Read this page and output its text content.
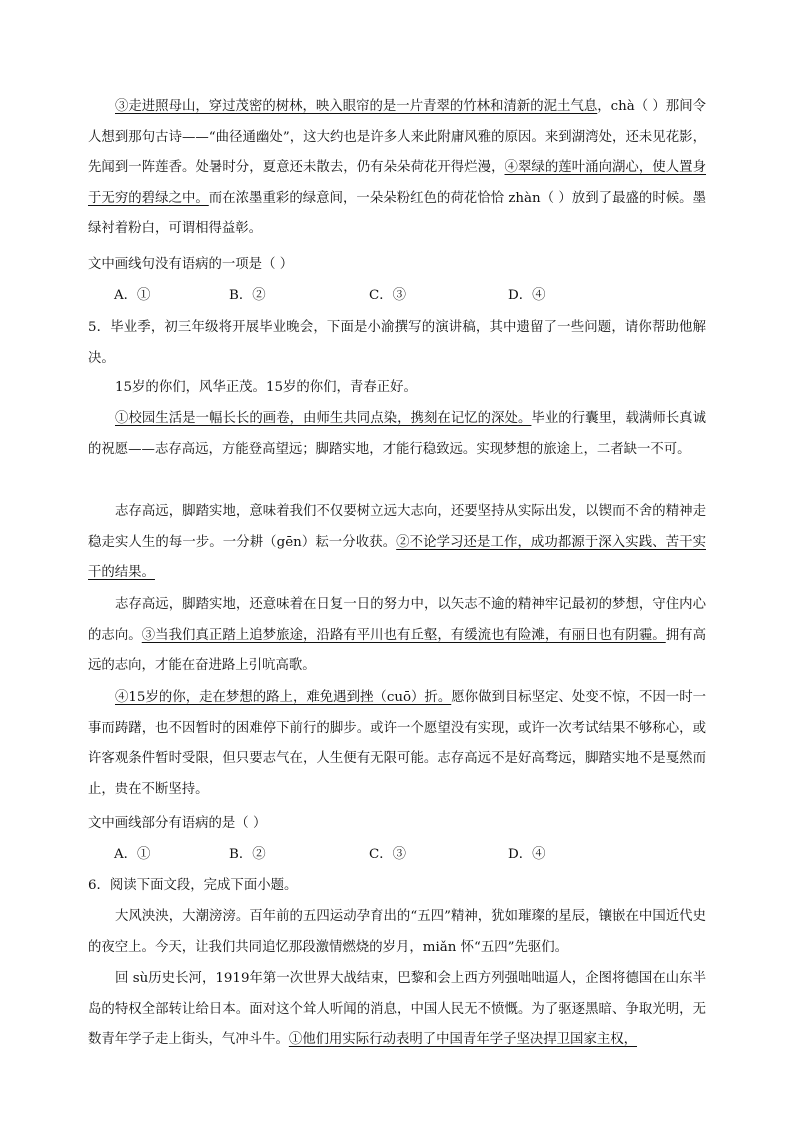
③走进照母山，穿过茂密的树林，映入眼帘的是一片青翠的竹林和清新的泥土气息，chà（ ）那间令人想到那句古诗——“曲径通幽处”，这大约也是许多人来此附庸风雅的原因。来到湖湾处，还未见花影，先闻到一阵莲香。处暑时分，夏意还未散去，仍有朵朵荷花开得烂漫，④翠绿的莲叶涌向湖心，使人置身于无穷的碧绿之中。而在浓墨重彩的绿意间，一朵朵粉红色的荷花恰恰 zhàn（ ）放到了最盛的时候。墨绿衬着粉白，可谓相得益彰。

文中画线句没有语病的一项是（ ）

A．①	B．②	C．③	D．④

5．毕业季，初三年级将开展毕业晚会，下面是小渝撰写的演讲稿，其中遗留了一些问题，请你帮助他解决。

15岁的你们，风华正茂。15岁的你们，青春正好。

①校园生活是一幅长长的画卷，由师生共同点染，携刻在记忆的深处。毕业的行囊里，载满师长真诚的祝愿——志存高远，方能登高望远；脚踏实地，才能行稳致远。实现梦想的旅途上，二者缺一不可。

志存高远，脚踏实地，意味着我们不仅要树立远大志向，还要坚持从实际出发，以锲而不舍的精神走稳走实人生的每一步。一分耕（gēn）耘一分收获。②不论学习还是工作，成功都源于深入实践、苦干实干的结果。

志存高远，脚踏实地，还意味着在日复一日的努力中，以矢志不逾的精神牢记最初的梦想，守住内心的志向。③当我们真正踏上追梦旅途，沿路有平川也有丘壑，有缓流也有险滩，有丽日也有阴霾。拥有高远的志向，才能在奋进路上引吭高歌。

④15岁的你，走在梦想的路上，难免遇到挫（cuō）折。愿你做到目标坚定、处变不惊，不因一时一事而踌躇，也不因暂时的困难停下前行的脚步。或许一个愿望没有实现，或许一次考试结果不够称心，或许客观条件暂时受限，但只要志气在，人生便有无限可能。志存高远不是好高骛远，脚踏实地不是戛然而止，贵在不断坚持。

文中画线部分有语病的是（ ）

A．①	B．②	C．③	D．④

6．阅读下面文段，完成下面小题。

大风泱泱，大潮滂滂。百年前的五四运动孕育出的“五四”精神，犹如璀璨的星辰，镶嵌在中国近代史的夜空上。今天，让我们共同追忆那段激情燃烧的岁月，miǎn 怀“五四”先驱们。

回 sù历史长河，1919年第一次世界大战结束，巴黎和会上西方列强咄咄逼人，企图将德国在山东半岛的特权全部转让给日本。面对这个耸人听闻的消息，中国人民无不愤慨。为了驱逐黑暗、争取光明，无数青年学子走上街头，气冲斗牛。①他们用实际行动表明了中国青年学子坚决捍卫国家主权，
